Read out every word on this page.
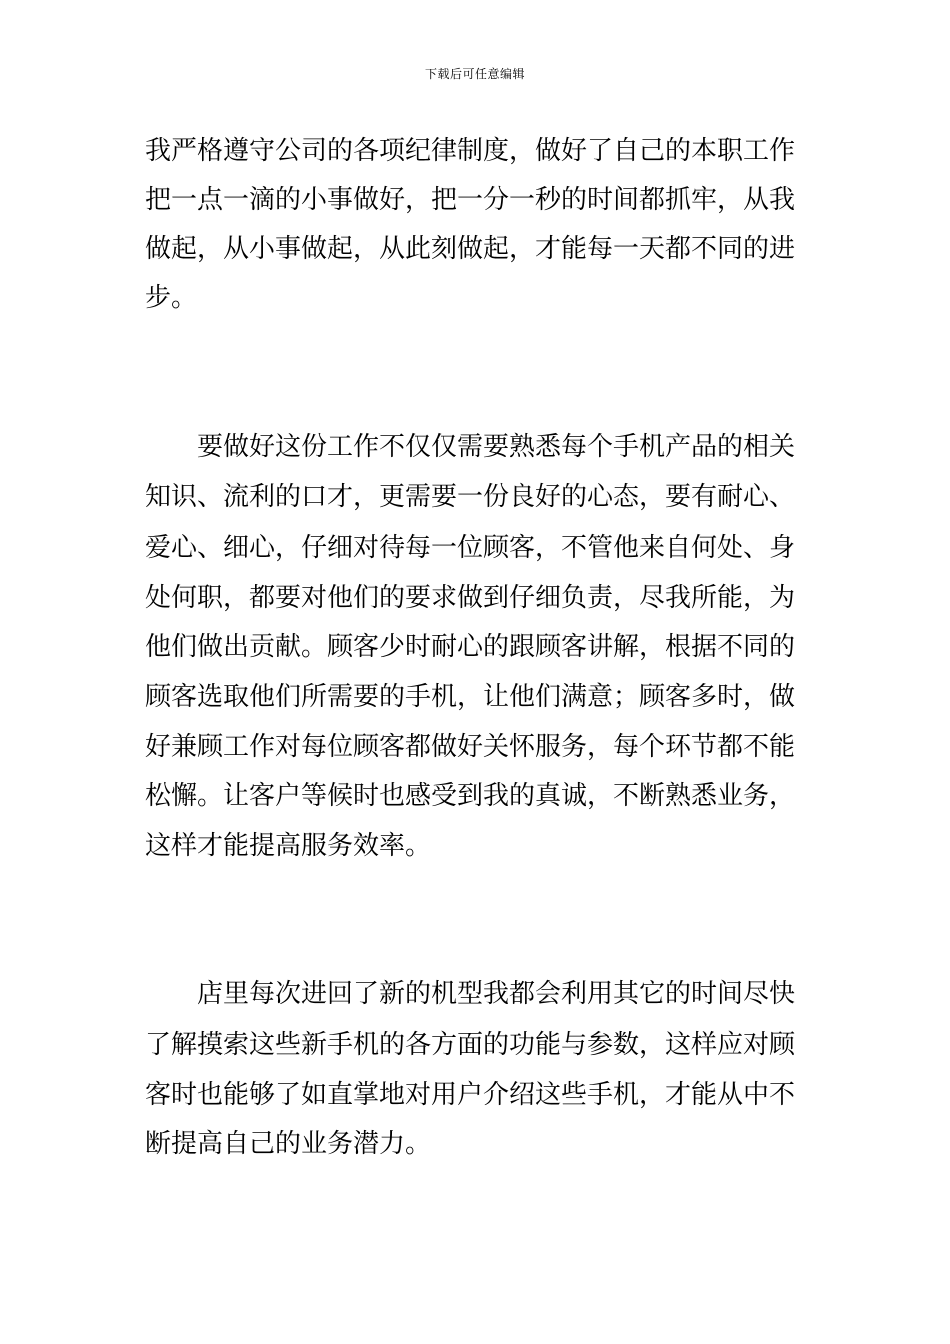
下载后可任意编辑
我严格遵守公司的各项纪律制度，做好了自己的本职工作
把一点一滴的小事做好，把一分一秒的时间都抓牢，从我
做起，从小事做起，从此刻做起，才能每一天都不同的进
步。
　　要做好这份工作不仅仅需要熟悉每个手机产品的相关
知识、流利的口才，更需要一份良好的心态，要有耐心、
爱心、细心，仔细对待每一位顾客，不管他来自何处、身
处何职，都要对他们的要求做到仔细负责，尽我所能，为
他们做出贡献。顾客少时耐心的跟顾客讲解，根据不同的
顾客选取他们所需要的手机，让他们满意；顾客多时，做
好兼顾工作对每位顾客都做好关怀服务，每个环节都不能
松懈。让客户等候时也感受到我的真诚，不断熟悉业务，
这样才能提高服务效率。
　　店里每次进回了新的机型我都会利用其它的时间尽快
了解摸索这些新手机的各方面的功能与参数，这样应对顾
客时也能够了如直掌地对用户介绍这些手机，才能从中不
断提高自己的业务潜力。
